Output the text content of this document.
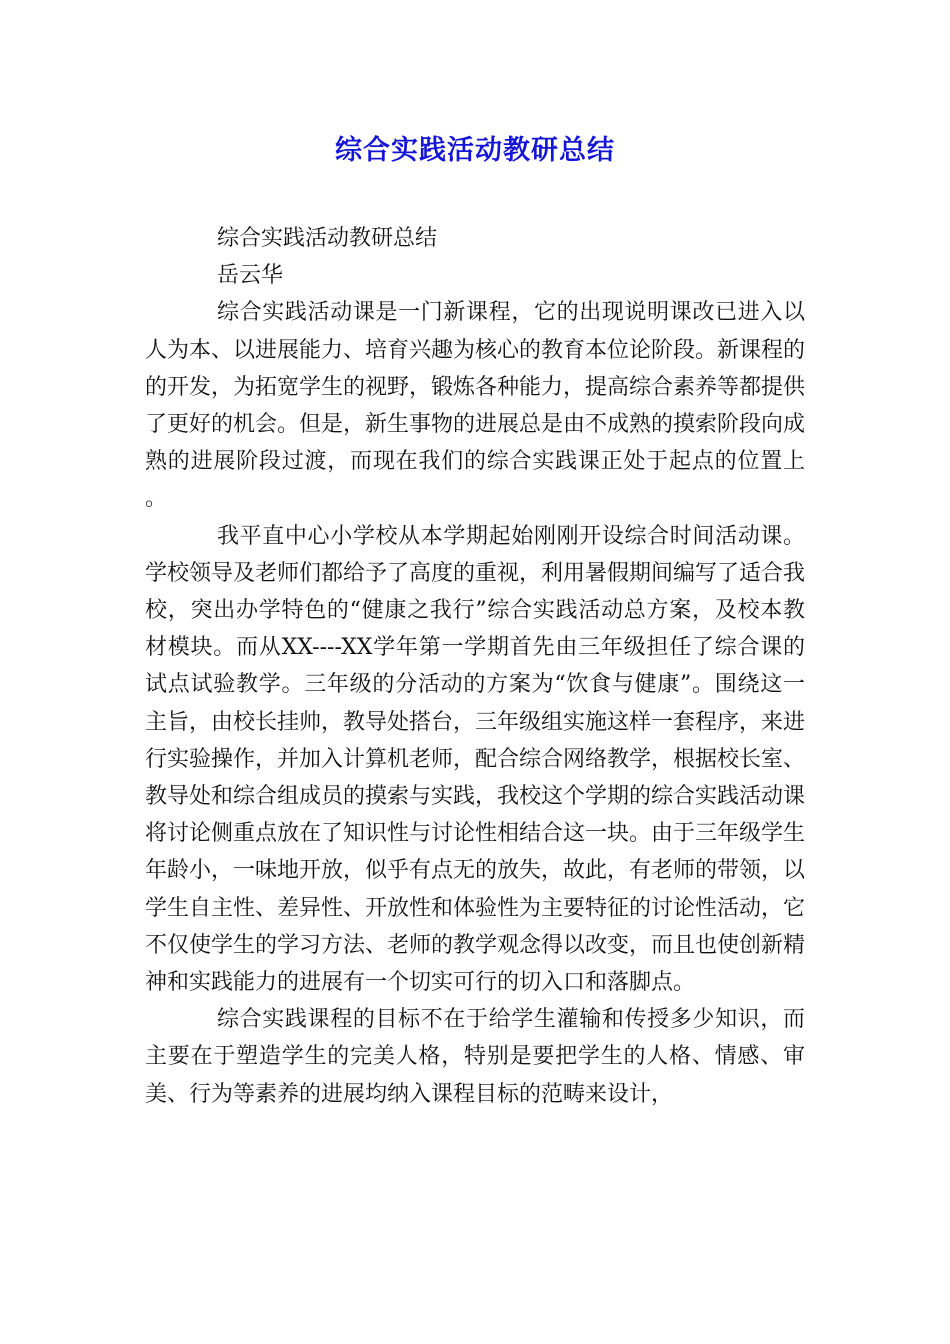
综合实践活动教研总结

综合实践活动教研总结

岳云华

综合实践活动课是一门新课程，它的出现说明课改已进入以人为本、以进展能力、培育兴趣为核心的教育本位论阶段。新课程的的开发，为拓宽学生的视野，锻炼各种能力，提高综合素养等都提供了更好的机会。但是，新生事物的进展总是由不成熟的摸索阶段向成熟的进展阶段过渡，而现在我们的综合实践课正处于起点的位置上 。

我平直中心小学校从本学期起始刚刚开设综合时间活动课。学校领导及老师们都给予了高度的重视，利用暑假期间编写了适合我校，突出办学特色的“健康之我行”综合实践活动总方案，及校本教材模块。而从XX----XX学年第一学期首先由三年级担任了综合课的试点试验教学。三年级的分活动的方案为“饮食与健康”。围绕这一主旨，由校长挂帅，教导处搭台，三年级组实施这样一套程序，来进行实验操作，并加入计算机老师，配合综合网络教学，根据校长室、教导处和综合组成员的摸索与实践，我校这个学期的综合实践活动课将讨论侧重点放在了知识性与讨论性相结合这一块。由于三年级学生年龄小，一味地开放，似乎有点无的放失，故此，有老师的带领，以学生自主性、差异性、开放性和体验性为主要特征的讨论性活动，它不仅使学生的学习方法、老师的教学观念得以改变，而且也使创新精神和实践能力的进展有一个切实可行的切入口和落脚点。

综合实践课程的目标不在于给学生灌输和传授多少知识，而主要在于塑造学生的完美人格，特别是要把学生的人格、情感、审美、行为等素养的进展均纳入课程目标的范畴来设计，
